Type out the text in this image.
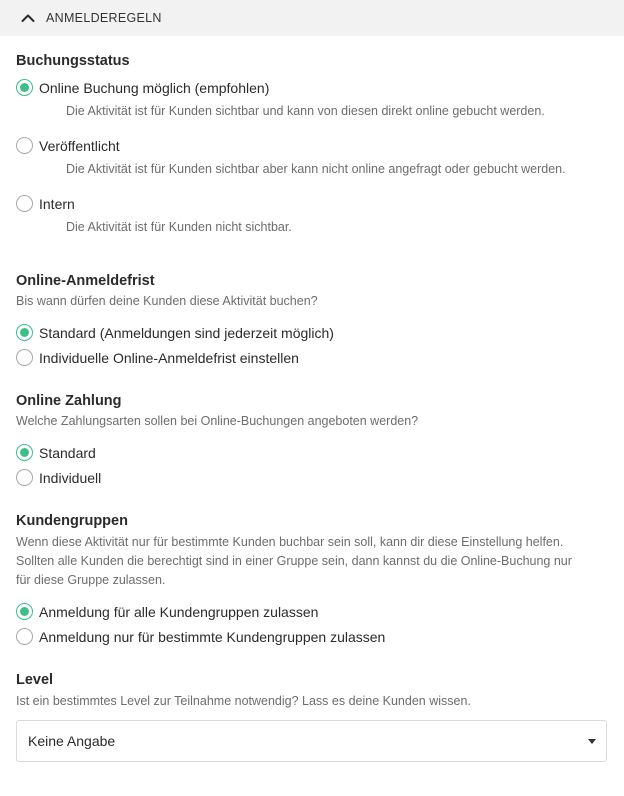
ANMELDEREGELN
Buchungsstatus
Online Buchung möglich (empfohlen)
Die Aktivität ist für Kunden sichtbar und kann von diesen direkt online gebucht werden.
Veröffentlicht
Die Aktivität ist für Kunden sichtbar aber kann nicht online angefragt oder gebucht werden.
Intern
Die Aktivität ist für Kunden nicht sichtbar.
Online-Anmeldefrist
Bis wann dürfen deine Kunden diese Aktivität buchen?
Standard (Anmeldungen sind jederzeit möglich)
Individuelle Online-Anmeldefrist einstellen
Online Zahlung
Welche Zahlungsarten sollen bei Online-Buchungen angeboten werden?
Standard
Individuell
Kundengruppen
Wenn diese Aktivität nur für bestimmte Kunden buchbar sein soll, kann dir diese Einstellung helfen.
Sollten alle Kunden die berechtigt sind in einer Gruppe sein, dann kannst du die Online-Buchung nur
für diese Gruppe zulassen.
Anmeldung für alle Kundengruppen zulassen
Anmeldung nur für bestimmte Kundengruppen zulassen
Level
Ist ein bestimmtes Level zur Teilnahme notwendig? Lass es deine Kunden wissen.
Keine Angabe
